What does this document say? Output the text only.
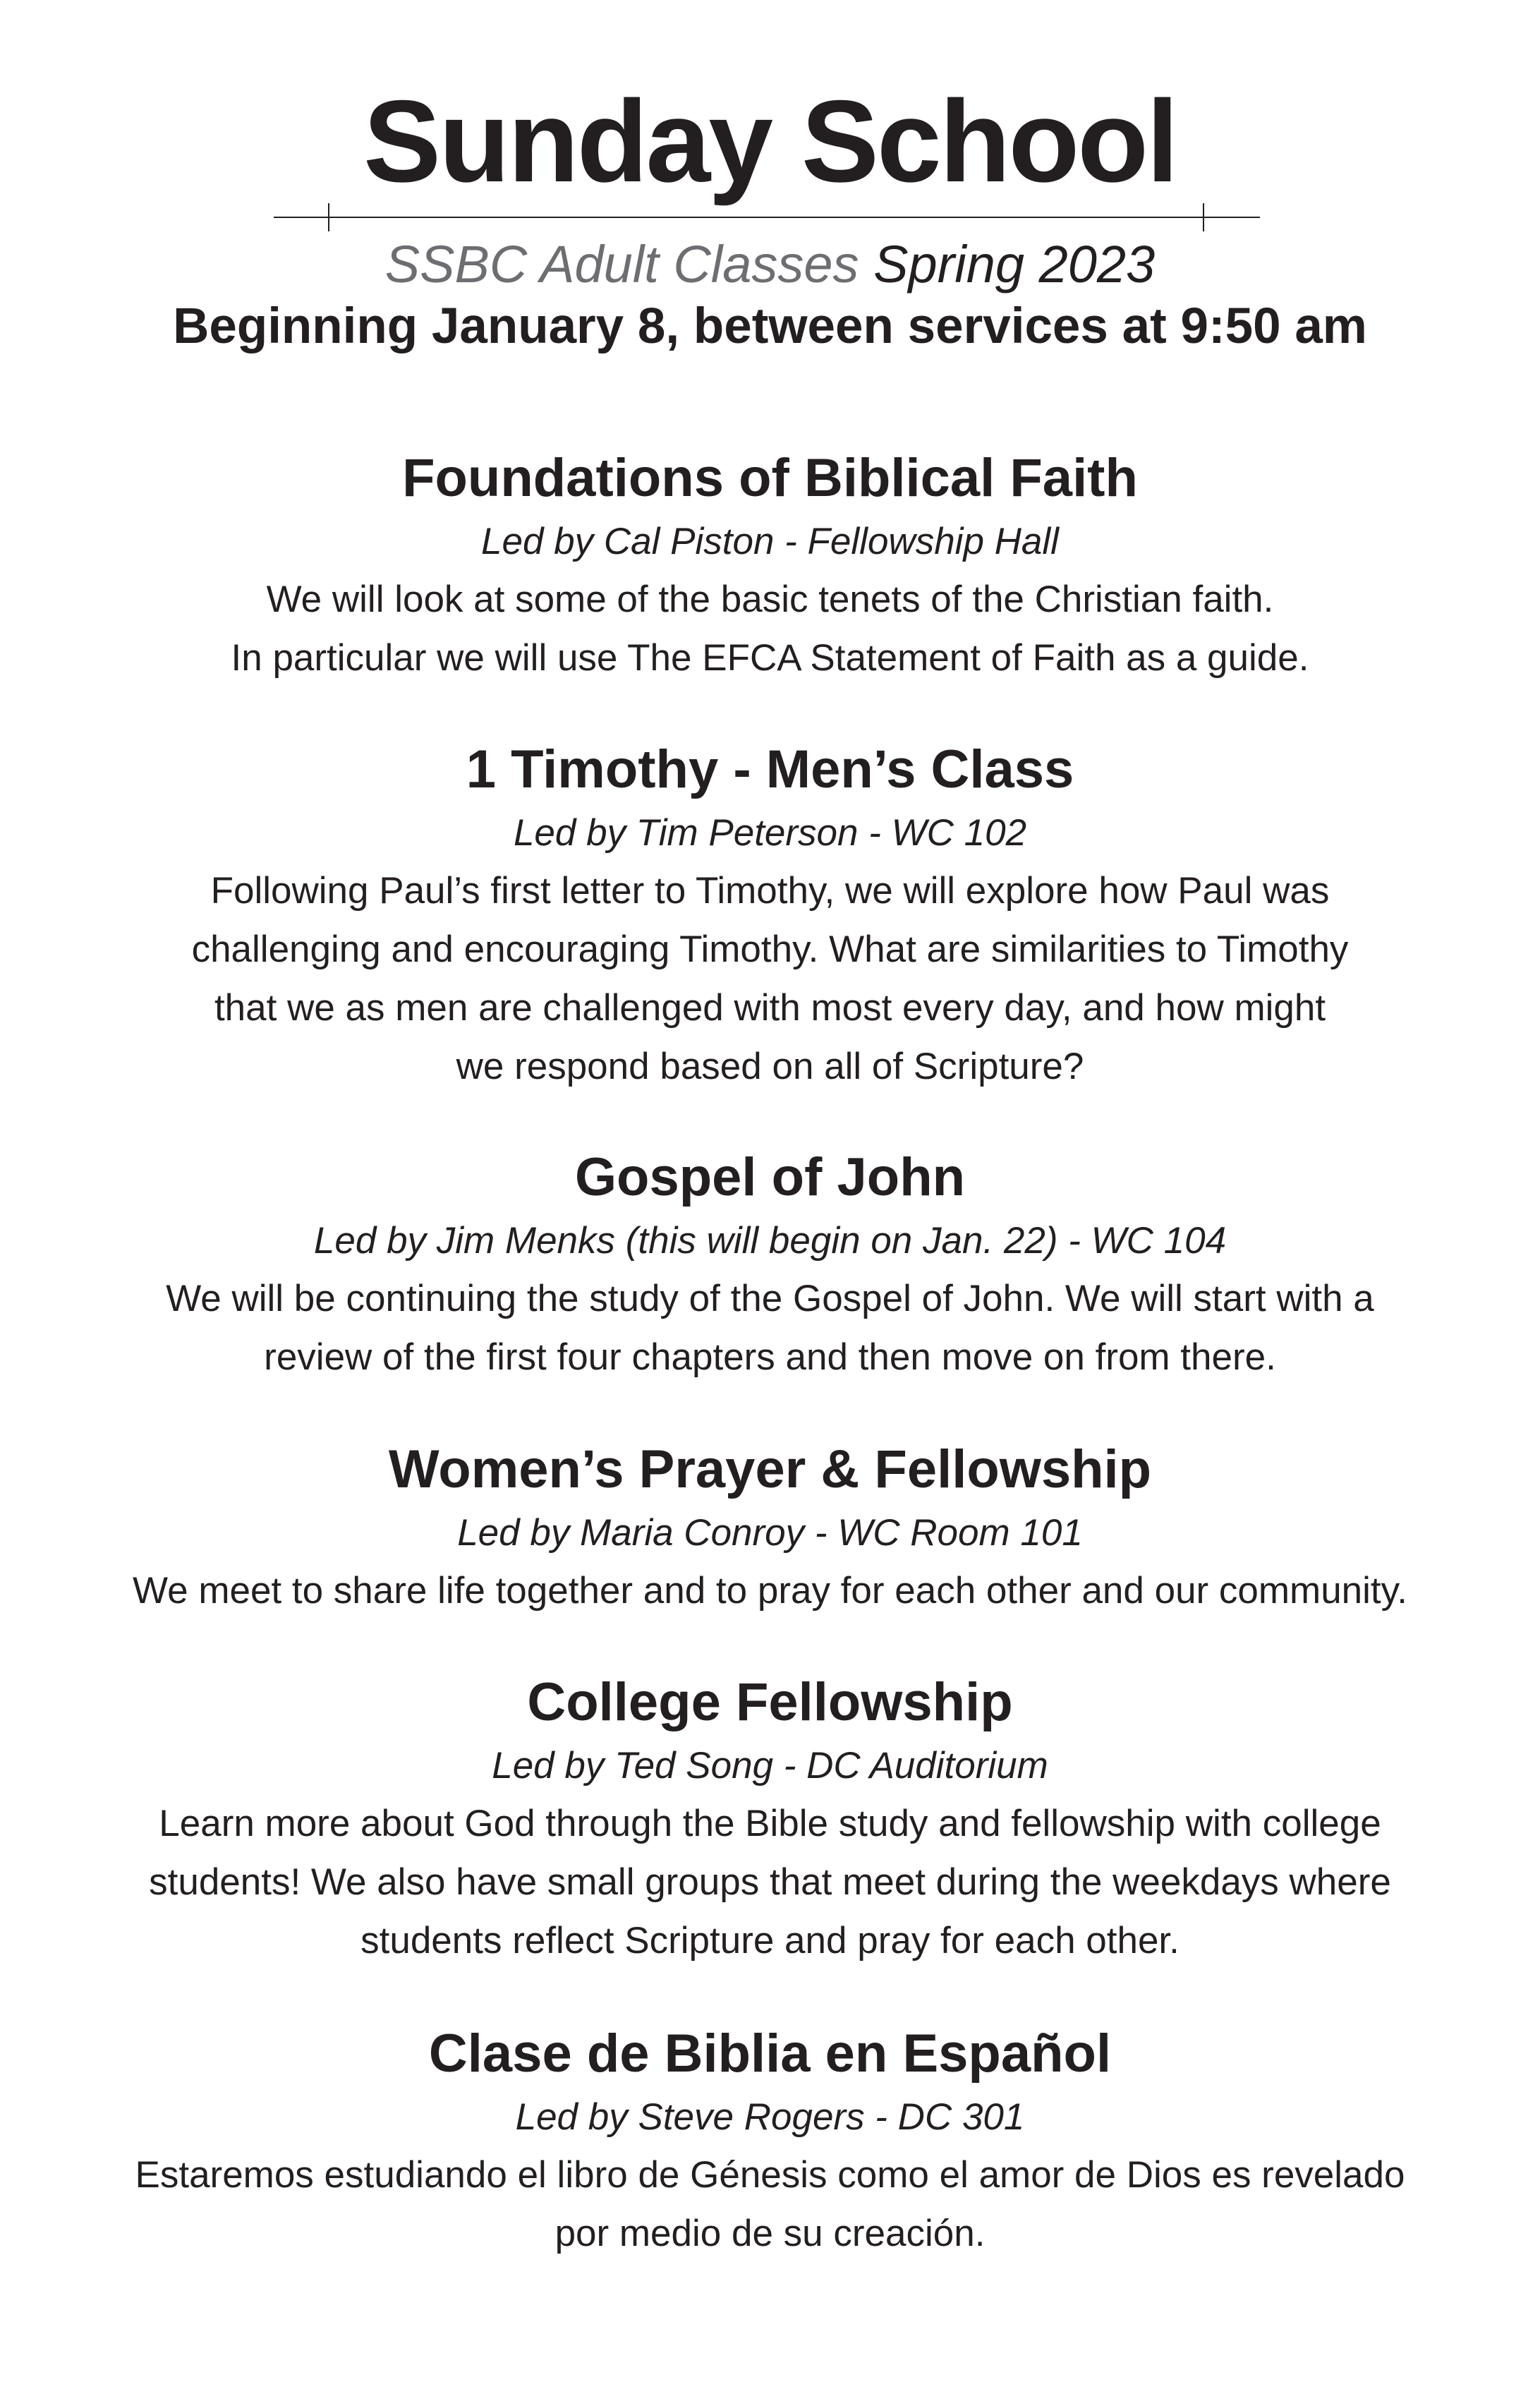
Sunday School
SSBC Adult Classes Spring 2023
Beginning January 8, between services at 9:50 am

Foundations of Biblical Faith

Led by Cal Piston - Fellowship Hall

We will look at some of the basic tenets of the Christian faith.
In particular we will use The EFCA Statement of Faith as a guide.

1 Timothy - Men’s Class

Led by Tim Peterson - WC 102

Following Paul’s first letter to Timothy, we will explore how Paul was
challenging and encouraging Timothy. What are similarities to Timothy
that we as men are challenged with most every day, and how might
we respond based on all of Scripture?

Gospel of John

Led by Jim Menks (this will begin on Jan. 22) - WC 104

We will be continuing the study of the Gospel of John. We will start with a
review of the first four chapters and then move on from there.

Women’s Prayer & Fellowship

Led by Maria Conroy - WC Room 101

We meet to share life together and to pray for each other and our community.

College Fellowship

Led by Ted Song - DC Auditorium

Learn more about God through the Bible study and fellowship with college
students! We also have small groups that meet during the weekdays where
students reflect Scripture and pray for each other.

Clase de Biblia en Español

Led by Steve Rogers - DC 301

Estaremos estudiando el libro de Génesis como el amor de Dios es revelado
por medio de su creación.
